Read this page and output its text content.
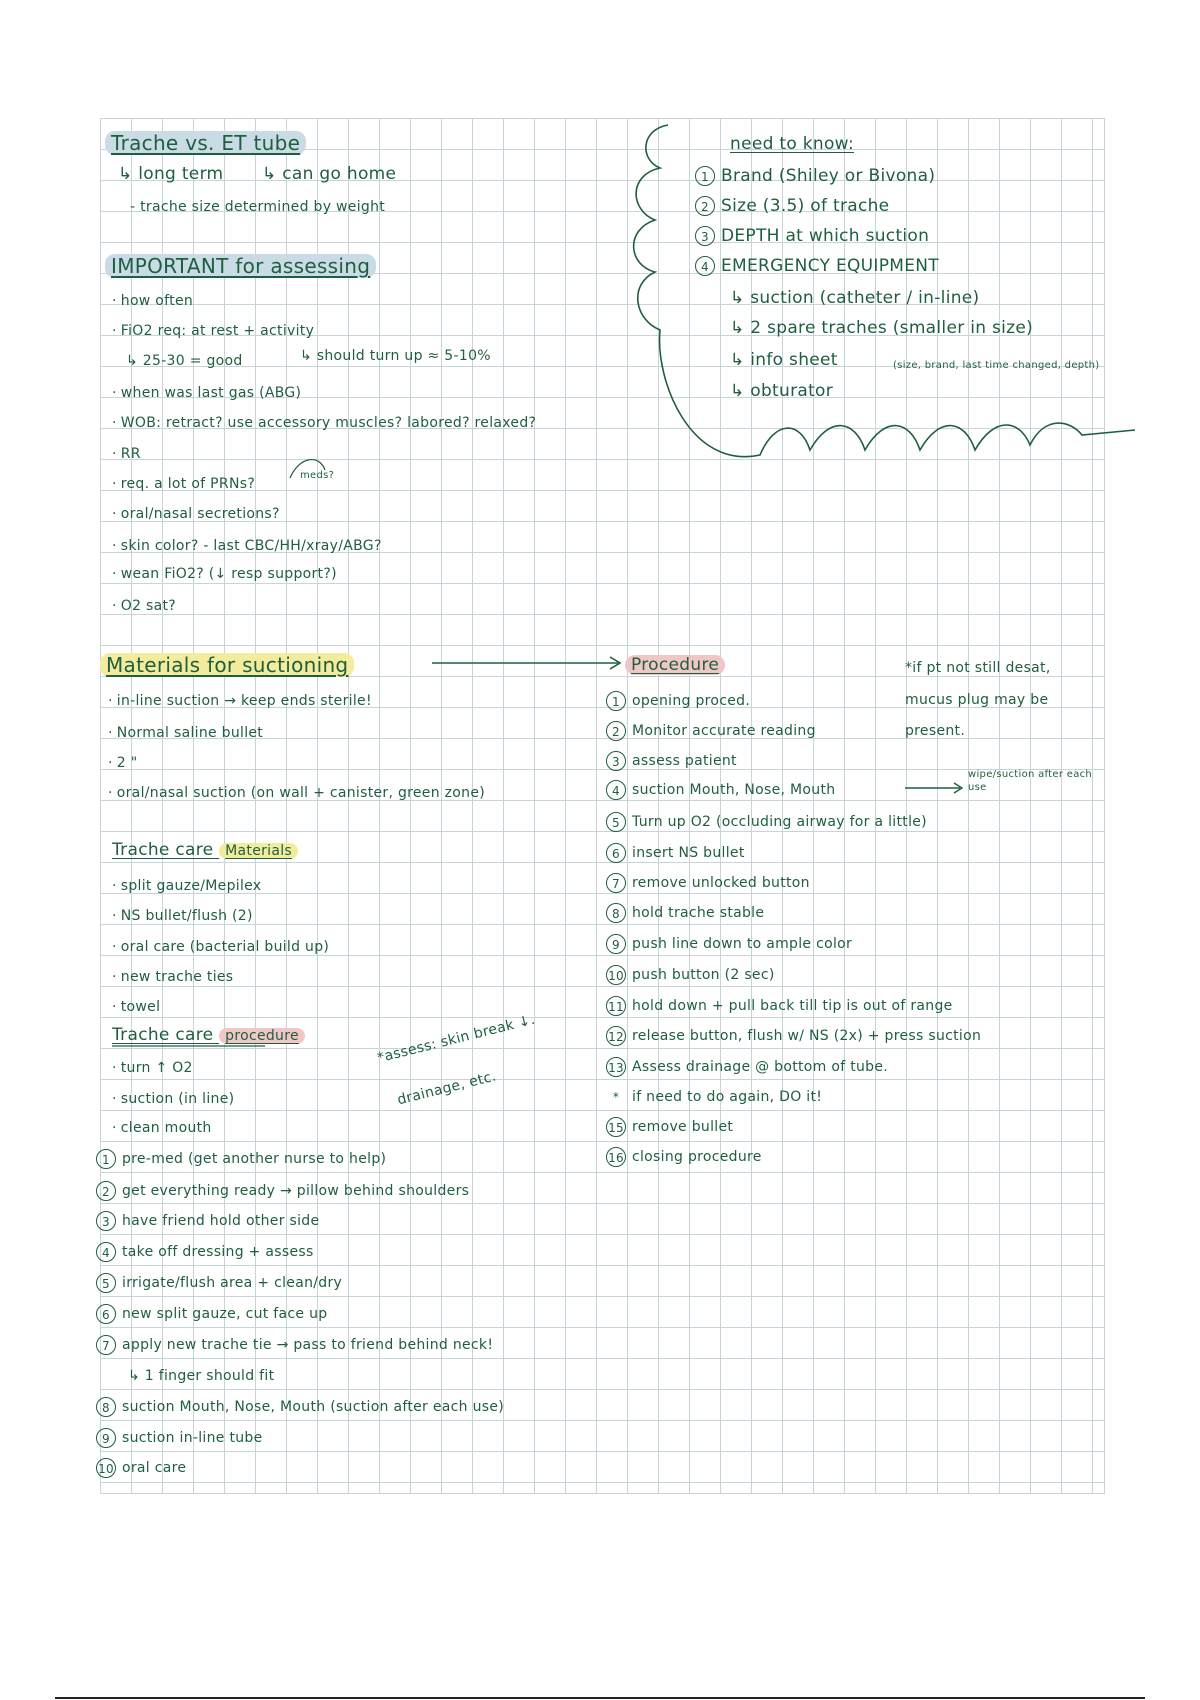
Trache vs. ET tube
↳ long term ↳ can go home
- trache size determined by weight
IMPORTANT for assessing
· how often
· FiO2 req: at rest + activity
↳ 25-30 = good	↳ should turn up ≈ 5-10%
· when was last gas (ABG)
· WOB: retract? use accessory muscles? labored? relaxed?
· RR
· req. a lot of PRNs?
meds?
· oral/nasal secretions?
· skin color? - last CBC/HH/xray/ABG?
· wean FiO2? (↓ resp support?)
· O2 sat?
need to know:
1 Brand (Shiley or Bivona)
2 Size (3.5) of trache
3 DEPTH at which suction
4 EMERGENCY EQUIPMENT
↳ suction (catheter / in-line)
↳ 2 spare traches (smaller in size)
↳ info sheet	(size, brand, last time changed, depth)
↳ obturator
Materials for suctioning
· in-line suction → keep ends sterile!
· Normal saline bullet
· 2 "
· oral/nasal suction (on wall + canister, green zone)
Procedure
1 opening proced.
2 Monitor accurate reading
3 assess patient
4 suction Mouth, Nose, Mouth
5 Turn up O2 (occluding airway for a little)
6 insert NS bullet
7 remove unlocked button
8 hold trache stable
9 push line down to ample color
10 push button (2 sec)
11 hold down + pull back till tip is out of range
12 release button, flush w/ NS (2x) + press suction
13 Assess drainage @ bottom of tube.
* if need to do again, DO it!
15 remove bullet
16 closing procedure
wipe/suction after each use
*if pt not still desat,
mucus plug may be
present.
Trache care Materials
· split gauze/Mepilex
· NS bullet/flush (2)
· oral care (bacterial build up)
· new trache ties
· towel
Trache care procedure
· turn ↑ O2
· suction (in line)
· clean mouth
*assess: skin break ↓.
drainage, etc.
1 pre-med (get another nurse to help)
2 get everything ready → pillow behind shoulders
3 have friend hold other side
4 take off dressing + assess
5 irrigate/flush area + clean/dry
6 new split gauze, cut face up
7 apply new trache tie → pass to friend behind neck!
↳ 1 finger should fit
8 suction Mouth, Nose, Mouth (suction after each use)
9 suction in-line tube
10 oral care
